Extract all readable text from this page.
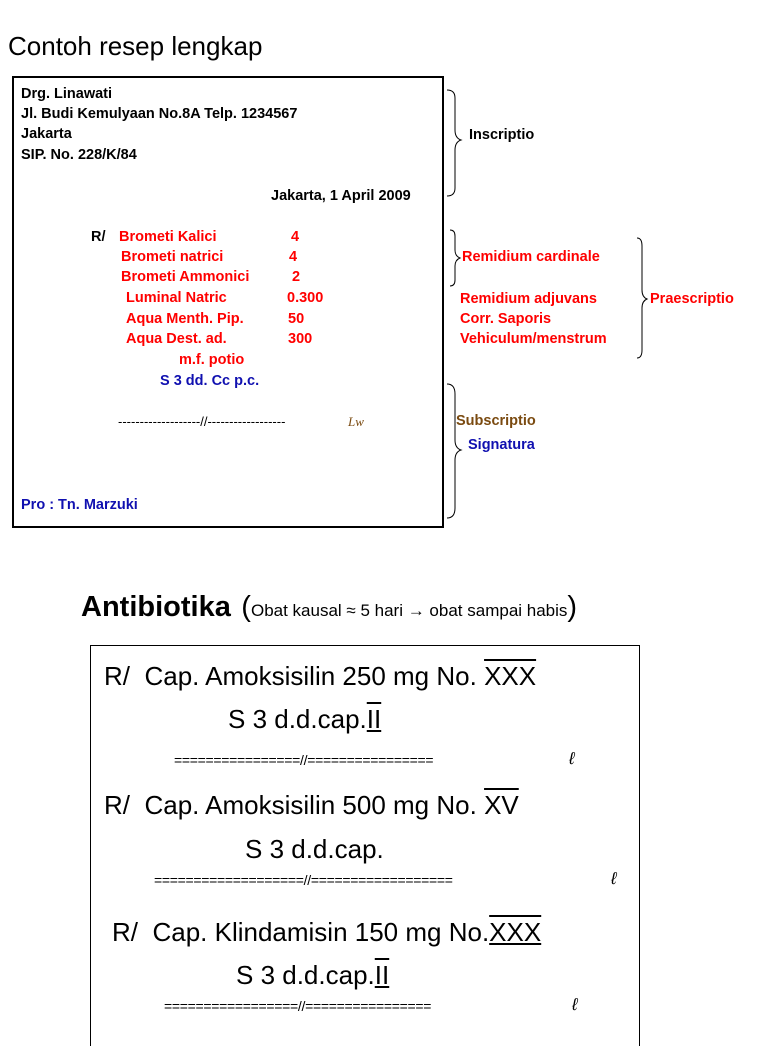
Contoh resep lengkap
Drg. Linawati
Jl. Budi Kemulyaan No.8A Telp. 1234567
Jakarta
SIP. No. 228/K/84
Jakarta, 1 April 2009
R/ Brometi Kalici	4
Brometi natrici	4
Brometi Ammonici	2
Luminal Natric	0.300
Aqua Menth. Pip.	50
Aqua Dest. ad.	300
m.f. potio
S 3 dd. Cc p.c.
-------------------//------------------	Lw
Pro : Tn. Marzuki
Inscriptio
Remidium cardinale
Remidium adjuvans
Corr. Saporis
Vehiculum/menstrum
Praescriptio
Subscriptio
Signatura
Antibiotika (Obat kausal ≈ 5 hari → obat sampai habis)
R/ Cap. Amoksisilin 250 mg No. $\overline{XXX}$
S 3 d.d.cap.II
================//================	ℓ
R/ Cap. Amoksisilin 500 mg No. $\overline{XV}$
S 3 d.d.cap.
===================//==================	ℓ
R/ Cap. Klindamisin 150 mg No.XXX
S 3 d.d.cap.II
=================//================	ℓ
